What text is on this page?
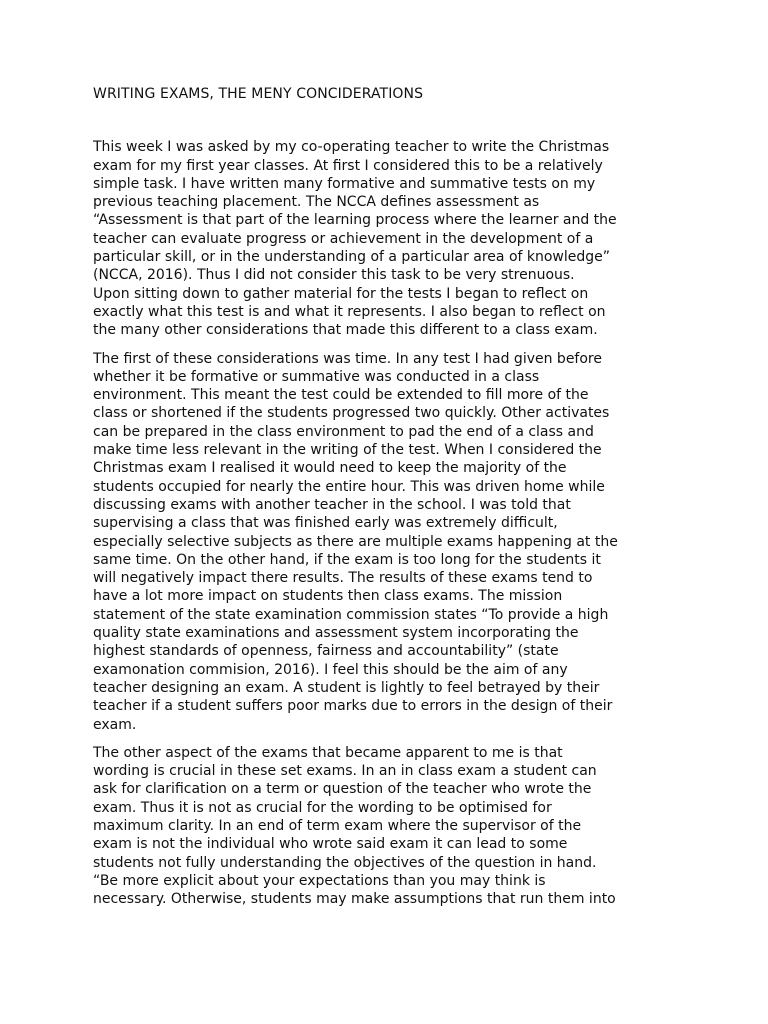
WRITING EXAMS, THE MENY CONCIDERATIONS

This week I was asked by my co-operating teacher to write the Christmas
exam for my first year classes. At first I considered this to be a relatively
simple task. I have written many formative and summative tests on my
previous teaching placement. The NCCA defines assessment as
“Assessment is that part of the learning process where the learner and the
teacher can evaluate progress or achievement in the development of a
particular skill, or in the understanding of a particular area of knowledge”
(NCCA, 2016). Thus I did not consider this task to be very strenuous.
Upon sitting down to gather material for the tests I began to reflect on
exactly what this test is and what it represents. I also began to reflect on
the many other considerations that made this different to a class exam.

The first of these considerations was time. In any test I had given before
whether it be formative or summative was conducted in a class
environment. This meant the test could be extended to fill more of the
class or shortened if the students progressed two quickly. Other activates
can be prepared in the class environment to pad the end of a class and
make time less relevant in the writing of the test. When I considered the
Christmas exam I realised it would need to keep the majority of the
students occupied for nearly the entire hour. This was driven home while
discussing exams with another teacher in the school. I was told that
supervising a class that was finished early was extremely difficult,
especially selective subjects as there are multiple exams happening at the
same time. On the other hand, if the exam is too long for the students it
will negatively impact there results. The results of these exams tend to
have a lot more impact on students then class exams. The mission
statement of the state examination commission states “To provide a high
quality state examinations and assessment system incorporating the
highest standards of openness, fairness and accountability” (state
examonation commision, 2016). I feel this should be the aim of any
teacher designing an exam. A student is lightly to feel betrayed by their
teacher if a student suffers poor marks due to errors in the design of their
exam.

The other aspect of the exams that became apparent to me is that
wording is crucial in these set exams. In an in class exam a student can
ask for clarification on a term or question of the teacher who wrote the
exam. Thus it is not as crucial for the wording to be optimised for
maximum clarity. In an end of term exam where the supervisor of the
exam is not the individual who wrote said exam it can lead to some
students not fully understanding the objectives of the question in hand.
“Be more explicit about your expectations than you may think is
necessary. Otherwise, students may make assumptions that run them into
